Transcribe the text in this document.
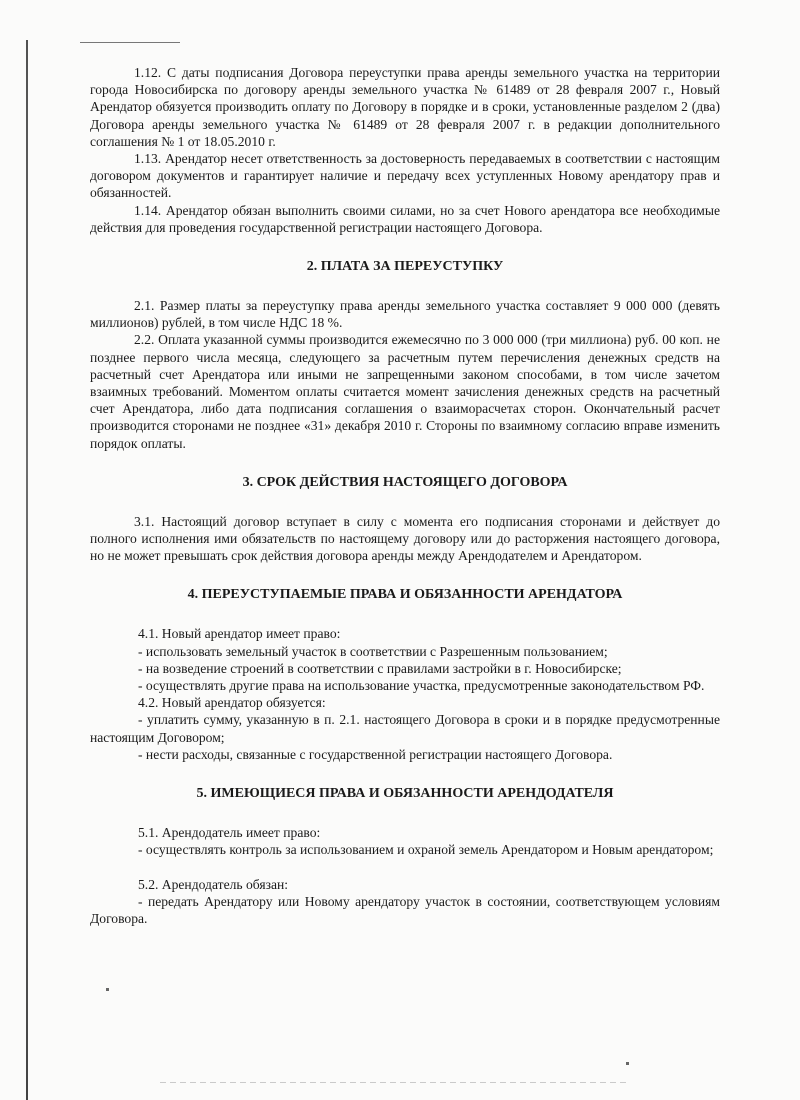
1.12. С даты подписания Договора переуступки права аренды земельного участка на территории города Новосибирска по договору аренды земельного участка № 61489 от 28 февраля 2007 г., Новый Арендатор обязуется производить оплату по Договору в порядке и в сроки, установленные разделом 2 (два) Договора аренды земельного участка № 61489 от 28 февраля 2007 г. в редакции дополнительного соглашения № 1 от 18.05.2010 г.

1.13. Арендатор несет ответственность за достоверность передаваемых в соответствии с настоящим договором документов и гарантирует наличие и передачу всех уступленных Новому арендатору прав и обязанностей.

1.14. Арендатор обязан выполнить своими силами, но за счет Нового арендатора все необходимые действия для проведения государственной регистрации настоящего Договора.

2. ПЛАТА ЗА ПЕРЕУСТУПКУ

2.1. Размер платы за переуступку права аренды земельного участка составляет 9 000 000 (девять миллионов) рублей, в том числе НДС 18 %.

2.2. Оплата указанной суммы производится ежемесячно по 3 000 000 (три миллиона) руб. 00 коп. не позднее первого числа месяца, следующего за расчетным путем перечисления денежных средств на расчетный счет Арендатора или иными не запрещенными законом способами, в том числе зачетом взаимных требований. Моментом оплаты считается момент зачисления денежных средств на расчетный счет Арендатора, либо дата подписания соглашения о взаиморасчетах сторон. Окончательный расчет производится сторонами не позднее «31» декабря 2010 г. Стороны по взаимному согласию вправе изменить порядок оплаты.

3. СРОК ДЕЙСТВИЯ НАСТОЯЩЕГО ДОГОВОРА

3.1. Настоящий договор вступает в силу с момента его подписания сторонами и действует до полного исполнения ими обязательств по настоящему договору или до расторжения настоящего договора, но не может превышать срок действия договора аренды между Арендодателем и Арендатором.

4. ПЕРЕУСТУПАЕМЫЕ ПРАВА И ОБЯЗАННОСТИ АРЕНДАТОРА

4.1. Новый арендатор имеет право:

- использовать земельный участок в соответствии с Разрешенным пользованием;

- на возведение строений в соответствии с правилами застройки в г. Новосибирске;

- осуществлять другие права на использование участка, предусмотренные законодательством РФ.

4.2. Новый арендатор обязуется:

- уплатить сумму, указанную в п. 2.1. настоящего Договора в сроки и в порядке предусмотренные настоящим Договором;

- нести расходы, связанные с государственной регистрации настоящего Договора.

5. ИМЕЮЩИЕСЯ ПРАВА И ОБЯЗАННОСТИ АРЕНДОДАТЕЛЯ

5.1. Арендодатель имеет право:

- осуществлять контроль за использованием и охраной земель Арендатором и Новым арендатором;

5.2. Арендодатель обязан:

- передать Арендатору или Новому арендатору участок в состоянии, соответствующем условиям Договора.
